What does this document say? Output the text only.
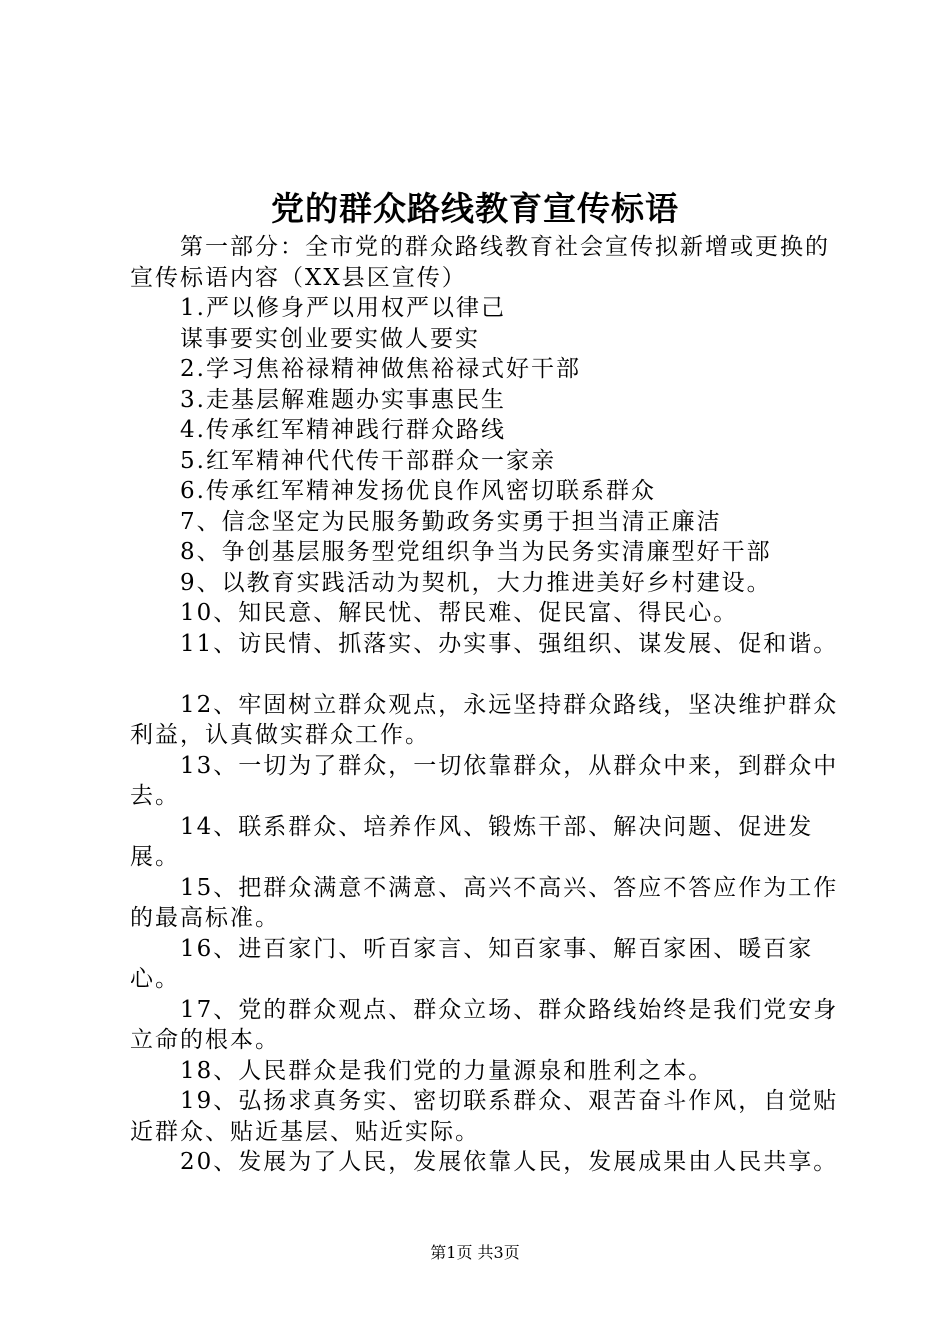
党的群众路线教育宣传标语

第一部分：全市党的群众路线教育社会宣传拟新增或更换的宣传标语内容（XX县区宣传）

1.严以修身严以用权严以律己

谋事要实创业要实做人要实

2.学习焦裕禄精神做焦裕禄式好干部

3.走基层解难题办实事惠民生

4.传承红军精神践行群众路线

5.红军精神代代传干部群众一家亲

6.传承红军精神发扬优良作风密切联系群众

7、信念坚定为民服务勤政务实勇于担当清正廉洁

8、争创基层服务型党组织争当为民务实清廉型好干部

9、以教育实践活动为契机，大力推进美好乡村建设。

10、知民意、解民忧、帮民难、促民富、得民心。

11、访民情、抓落实、办实事、强组织、谋发展、促和谐。

12、牢固树立群众观点，永远坚持群众路线，坚决维护群众利益，认真做实群众工作。

13、一切为了群众，一切依靠群众，从群众中来，到群众中去。

14、联系群众、培养作风、锻炼干部、解决问题、促进发展。

15、把群众满意不满意、高兴不高兴、答应不答应作为工作的最高标准。

16、进百家门、听百家言、知百家事、解百家困、暖百家心。

17、党的群众观点、群众立场、群众路线始终是我们党安身立命的根本。

18、人民群众是我们党的力量源泉和胜利之本。

19、弘扬求真务实、密切联系群众、艰苦奋斗作风，自觉贴近群众、贴近基层、贴近实际。

20、发展为了人民，发展依靠人民，发展成果由人民共享。

第1页 共3页
